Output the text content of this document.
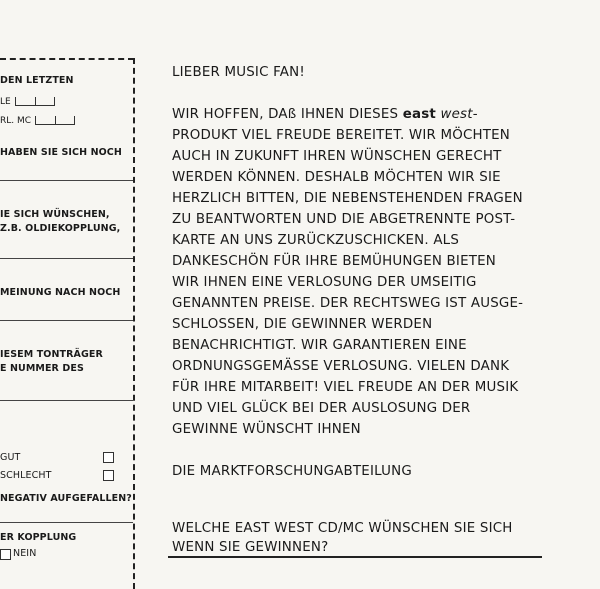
DEN LETZTEN
LE
RL. MC
HABEN SIE SICH NOCH
IE SICH WÜNSCHEN,
Z.B. OLDIEKOPPLUNG,
MEINUNG NACH NOCH
IESEM TONTRÄGER
E NUMMER DES
GUT
SCHLECHT
NEGATIV AUFGEFALLEN?
ER KOPPLUNG
NEIN
LIEBER MUSIC FAN!
WIR HOFFEN, DAß IHNEN DIESES east west-
PRODUKT VIEL FREUDE BEREITET. WIR MÖCHTEN
AUCH IN ZUKUNFT IHREN WÜNSCHEN GERECHT
WERDEN KÖNNEN. DESHALB MÖCHTEN WIR SIE
HERZLICH BITTEN, DIE NEBENSTEHENDEN FRAGEN
ZU BEANTWORTEN UND DIE ABGETRENNTE POST-
KARTE AN UNS ZURÜCKZUSCHICKEN. ALS
DANKESCHÖN FÜR IHRE BEMÜHUNGEN BIETEN
WIR IHNEN EINE VERLOSUNG DER UMSEITIG
GENANNTEN PREISE. DER RECHTSWEG IST AUSGE-
SCHLOSSEN, DIE GEWINNER WERDEN
BENACHRICHTIGT. WIR GARANTIEREN EINE
ORDNUNGSGEMÄSSE VERLOSUNG. VIELEN DANK
FÜR IHRE MITARBEIT! VIEL FREUDE AN DER MUSIK
UND VIEL GLÜCK BEI DER AUSLOSUNG DER
GEWINNE WÜNSCHT IHNEN
DIE MARKTFORSCHUNGABTEILUNG
WELCHE EAST WEST CD/MC WÜNSCHEN SIE SICH
WENN SIE GEWINNEN?
